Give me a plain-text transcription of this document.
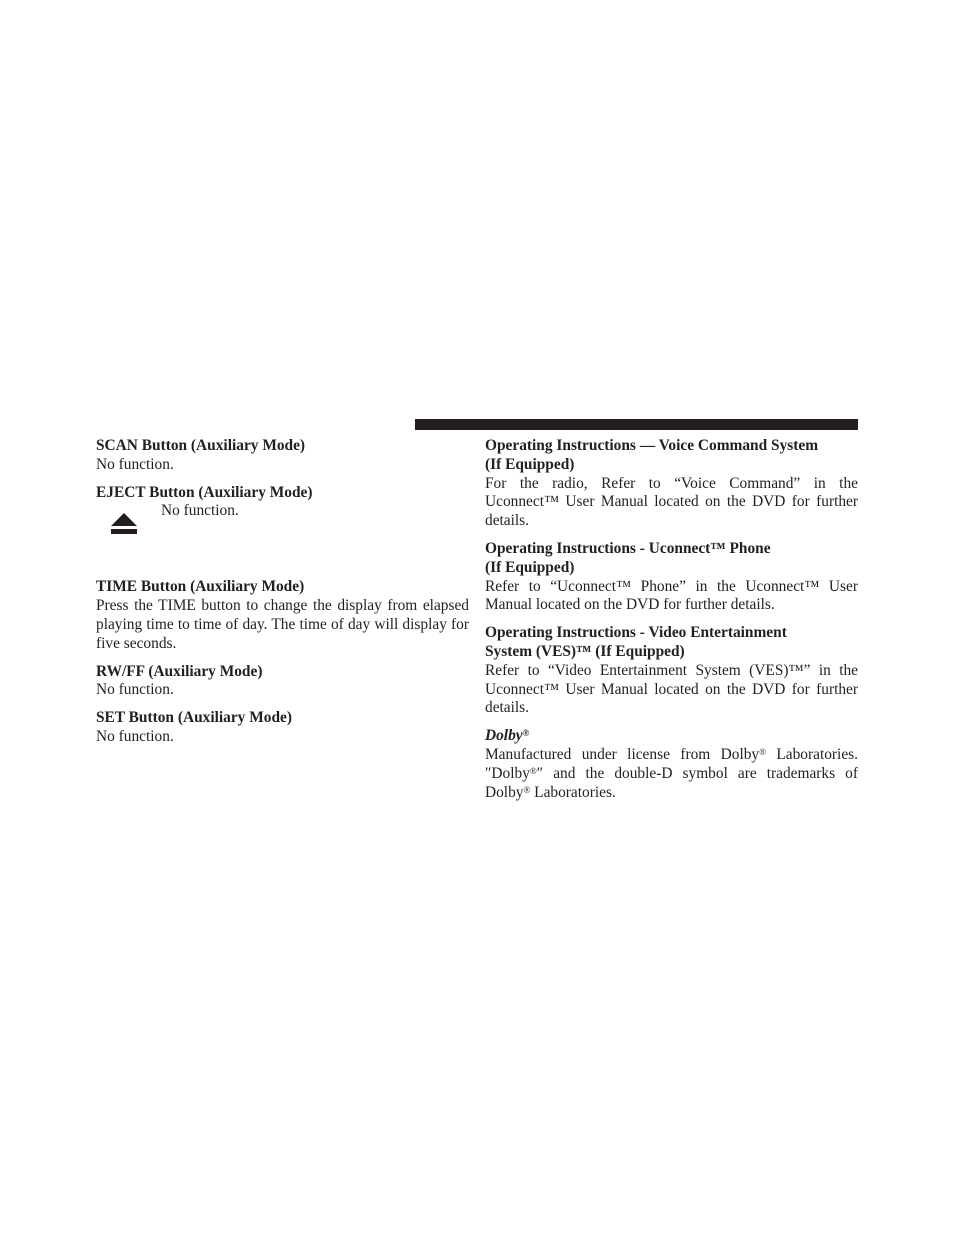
SCAN Button (Auxiliary Mode)

No function.

EJECT Button (Auxiliary Mode)

No function.

TIME Button (Auxiliary Mode)

Press the TIME button to change the display from elapsed playing time to time of day. The time of day will display for five seconds.

RW/FF (Auxiliary Mode)

No function.

SET Button (Auxiliary Mode)

No function.

Operating Instructions — Voice Command System

(If Equipped)

For the radio, Refer to “Voice Command” in the Uconnect™ User Manual located on the DVD for further details.

Operating Instructions - Uconnect™ Phone

(If Equipped)

Refer to “Uconnect™ Phone” in the Uconnect™ User Manual located on the DVD for further details.

Operating Instructions - Video Entertainment

System (VES)™ (If Equipped)

Refer to “Video Entertainment System (VES)™” in the Uconnect™ User Manual located on the DVD for further details.

Dolby®

Manufactured under license from Dolby® Laboratories. ″Dolby®″ and the double-D symbol are trademarks of Dolby® Laboratories.
